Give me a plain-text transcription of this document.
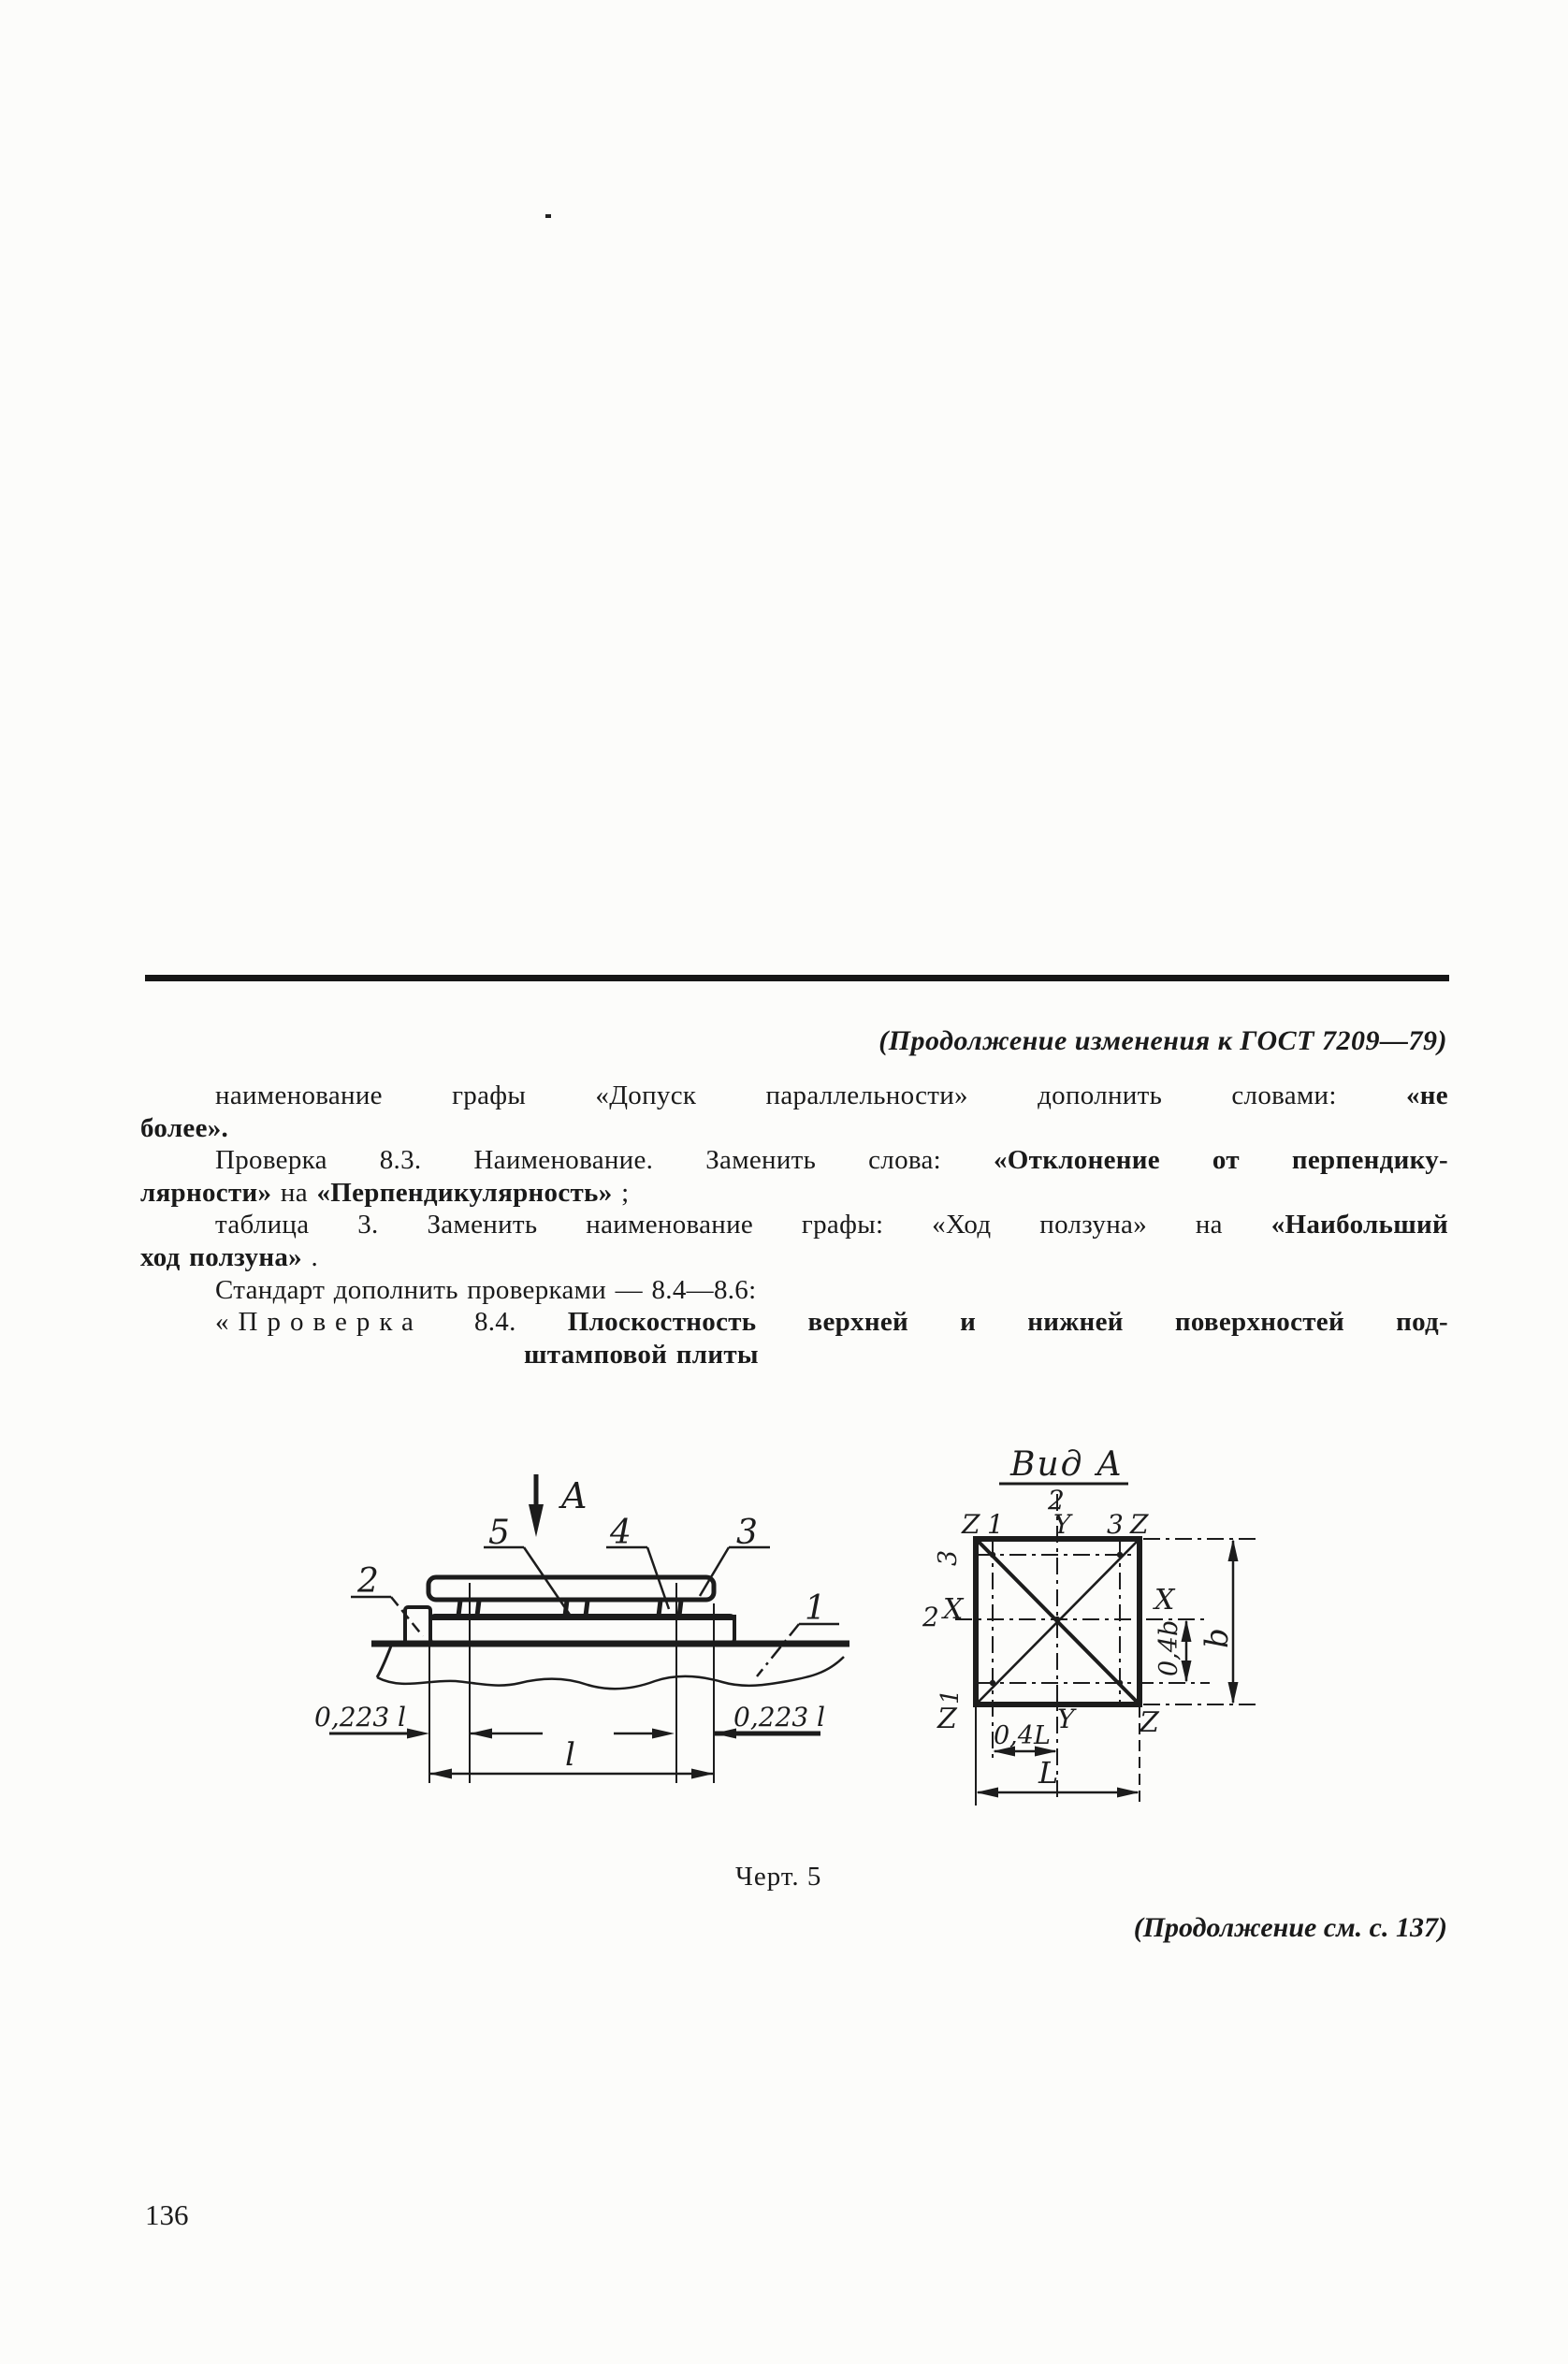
(Продолжение изменения к ГОСТ 7209—79)
наименование графы «Допуск параллельности» дополнить словами:	«не
более».
Проверка 8.3. Наименование. Заменить слова: «Отклонение от перпендику-
лярности» на «Перпендикулярность» ;
таблица 3. Заменить наименование графы: «Ход ползуна» на «Наибольший
ход ползуна» .
Стандарт дополнить проверками — 8.4—8.6:
«Проверка 8.4. Плоскостность верхней и нижней поверхностей под-
штамповой плиты
A
0,223 l	0,223 l
l
5	4	3
2
1
Вид А
b
0,4b
0,4L
L
2
Z 1 Y 3 Z
3
2 X	X
1
Z	Y Z
Черт. 5
(Продолжение см. с. 137)
136
